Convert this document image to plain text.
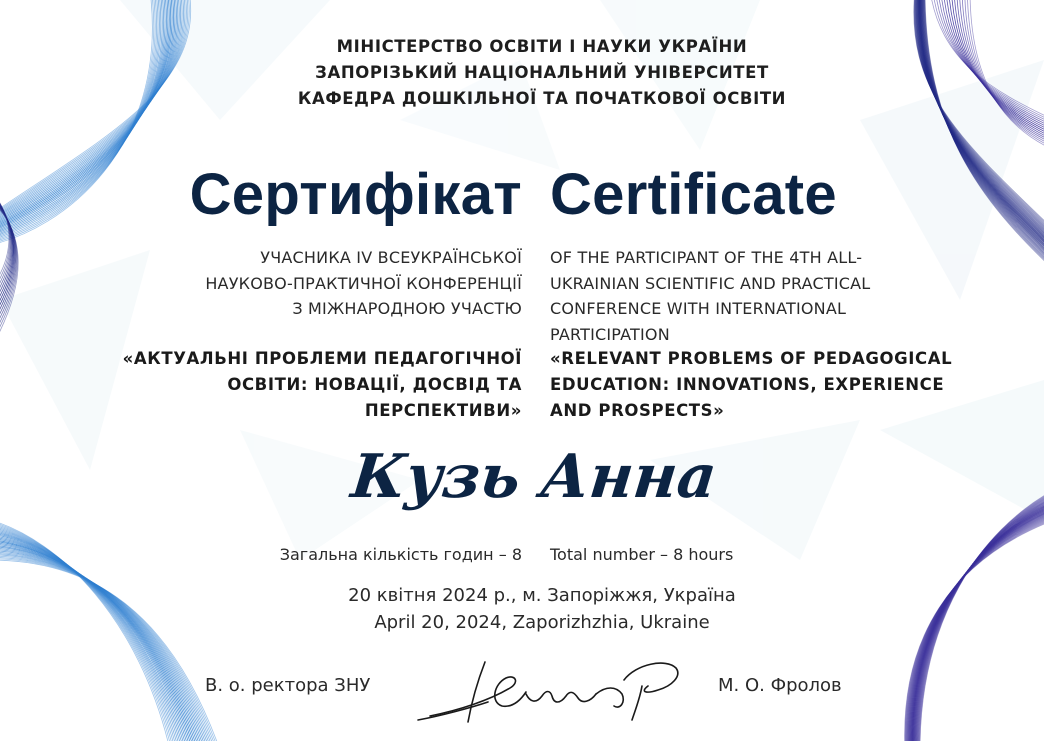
МІНІСТЕРСТВО ОСВІТИ І НАУКИ УКРАЇНИ
ЗАПОРІЗЬКИЙ НАЦІОНАЛЬНИЙ УНІВЕРСИТЕТ
КАФЕДРА ДОШКІЛЬНОЇ ТА ПОЧАТКОВОЇ ОСВІТИ
Сертифікат Certificate
УЧАСНИКА IV ВСЕУКРАЇНСЬКОЇ
НАУКОВО-ПРАКТИЧНОЇ КОНФЕРЕНЦІЇ
З МІЖНАРОДНОЮ УЧАСТЮ
OF THE PARTICIPANT OF THE 4TH ALL-
UKRAINIAN SCIENTIFIC AND PRACTICAL
CONFERENCE WITH INTERNATIONAL
PARTICIPATION
«АКТУАЛЬНІ ПРОБЛЕМИ ПЕДАГОГІЧНОЇ
ОСВІТИ: НОВАЦІЇ, ДОСВІД ТА
ПЕРСПЕКТИВИ»
«RELEVANT PROBLEMS OF PEDAGOGICAL
EDUCATION: INNOVATIONS, EXPERIENCE
AND PROSPECTS»
Кузь Анна
Загальна кількість годин – 8 Total number – 8 hours
20 квітня 2024 р., м. Запоріжжя, Україна
April 20, 2024, Zaporizhzhia, Ukraine
В. о. ректора ЗНУ	М. О. Фролов
